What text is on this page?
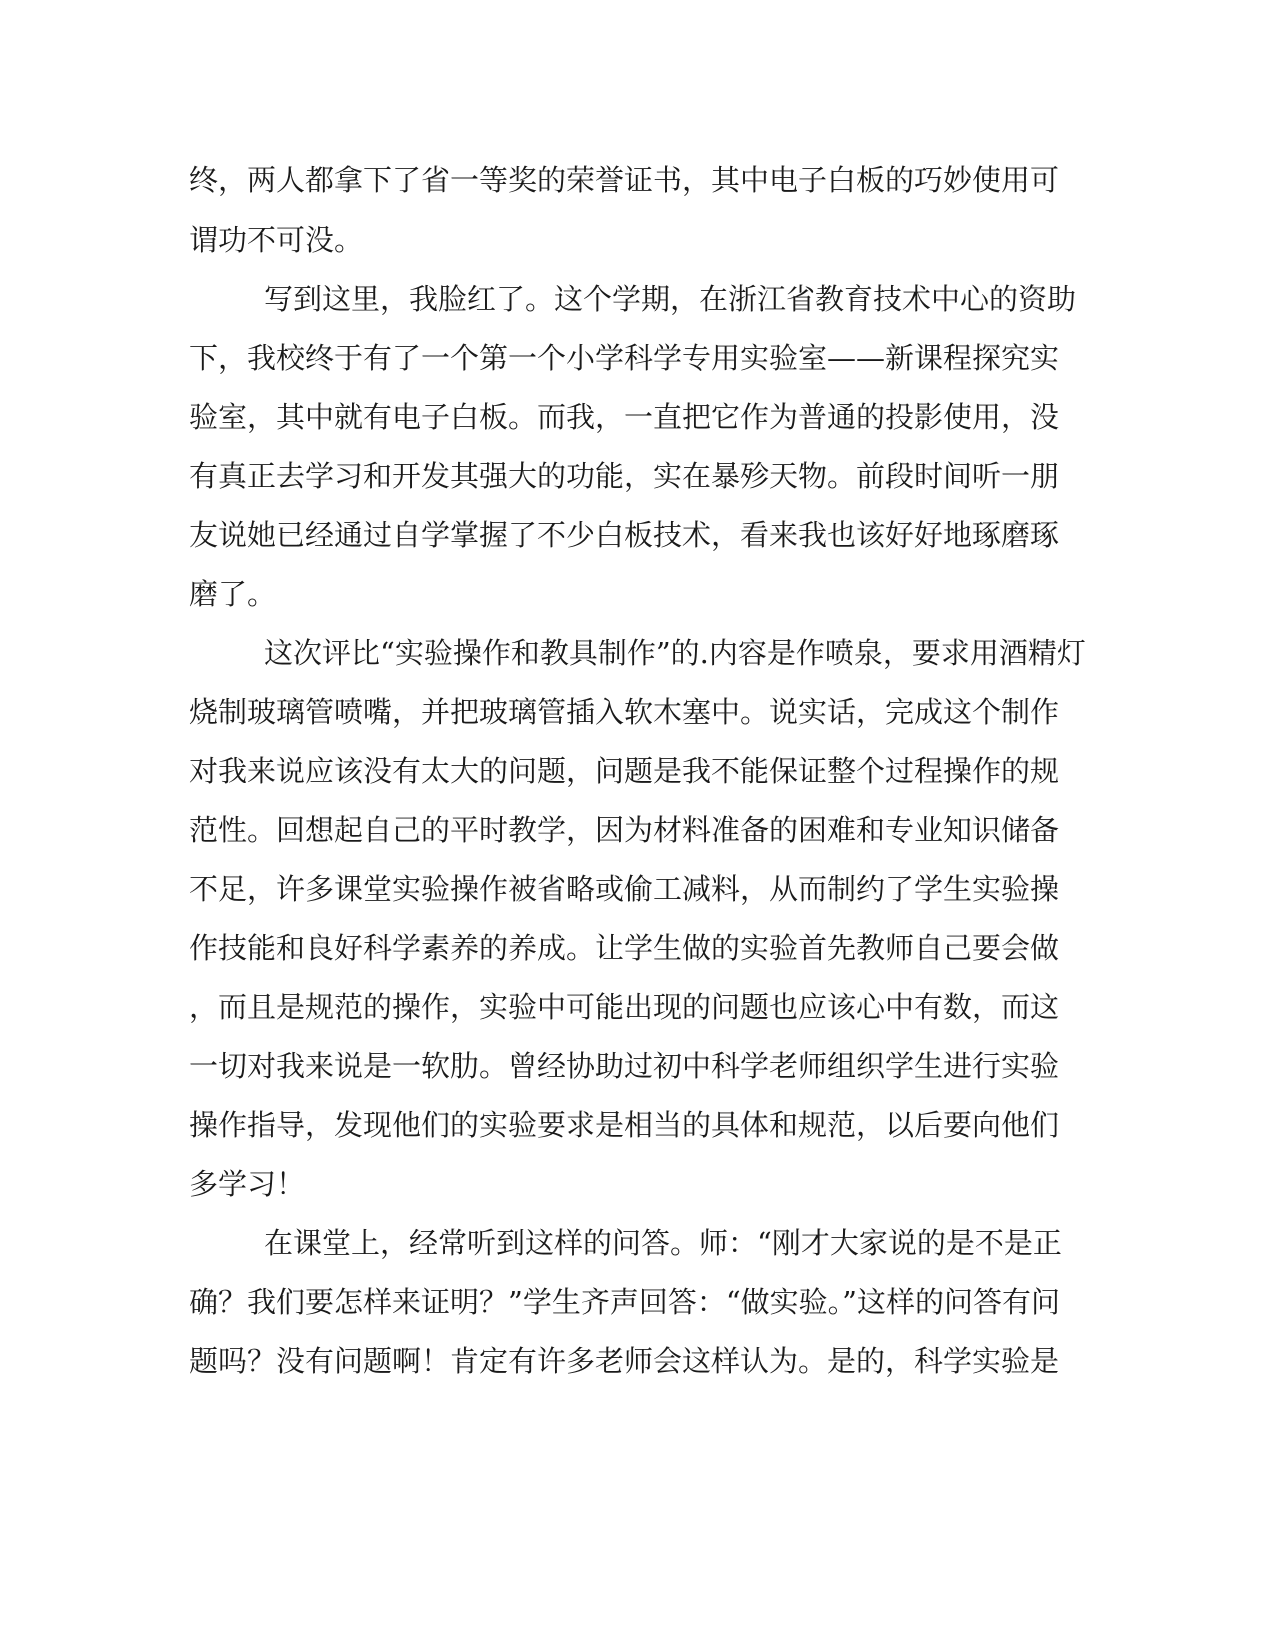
终，两人都拿下了省一等奖的荣誉证书，其中电子白板的巧妙使用可
谓功不可没。
写到这里，我脸红了。这个学期，在浙江省教育技术中心的资助
下，我校终于有了一个第一个小学科学专用实验室——新课程探究实
验室，其中就有电子白板。而我，一直把它作为普通的投影使用，没
有真正去学习和开发其强大的功能，实在暴殄天物。前段时间听一朋
友说她已经通过自学掌握了不少白板技术，看来我也该好好地琢磨琢
磨了。
这次评比“实验操作和教具制作”的.内容是作喷泉，要求用酒精灯
烧制玻璃管喷嘴，并把玻璃管插入软木塞中。说实话，完成这个制作
对我来说应该没有太大的问题，问题是我不能保证整个过程操作的规
范性。回想起自己的平时教学，因为材料准备的困难和专业知识储备
不足，许多课堂实验操作被省略或偷工减料，从而制约了学生实验操
作技能和良好科学素养的养成。让学生做的实验首先教师自己要会做
，而且是规范的操作，实验中可能出现的问题也应该心中有数，而这
一切对我来说是一软肋。曾经协助过初中科学老师组织学生进行实验
操作指导，发现他们的实验要求是相当的具体和规范，以后要向他们
多学习！
在课堂上，经常听到这样的问答。师：“刚才大家说的是不是正
确？我们要怎样来证明？”学生齐声回答：“做实验。”这样的问答有问
题吗？没有问题啊！肯定有许多老师会这样认为。是的，科学实验是
